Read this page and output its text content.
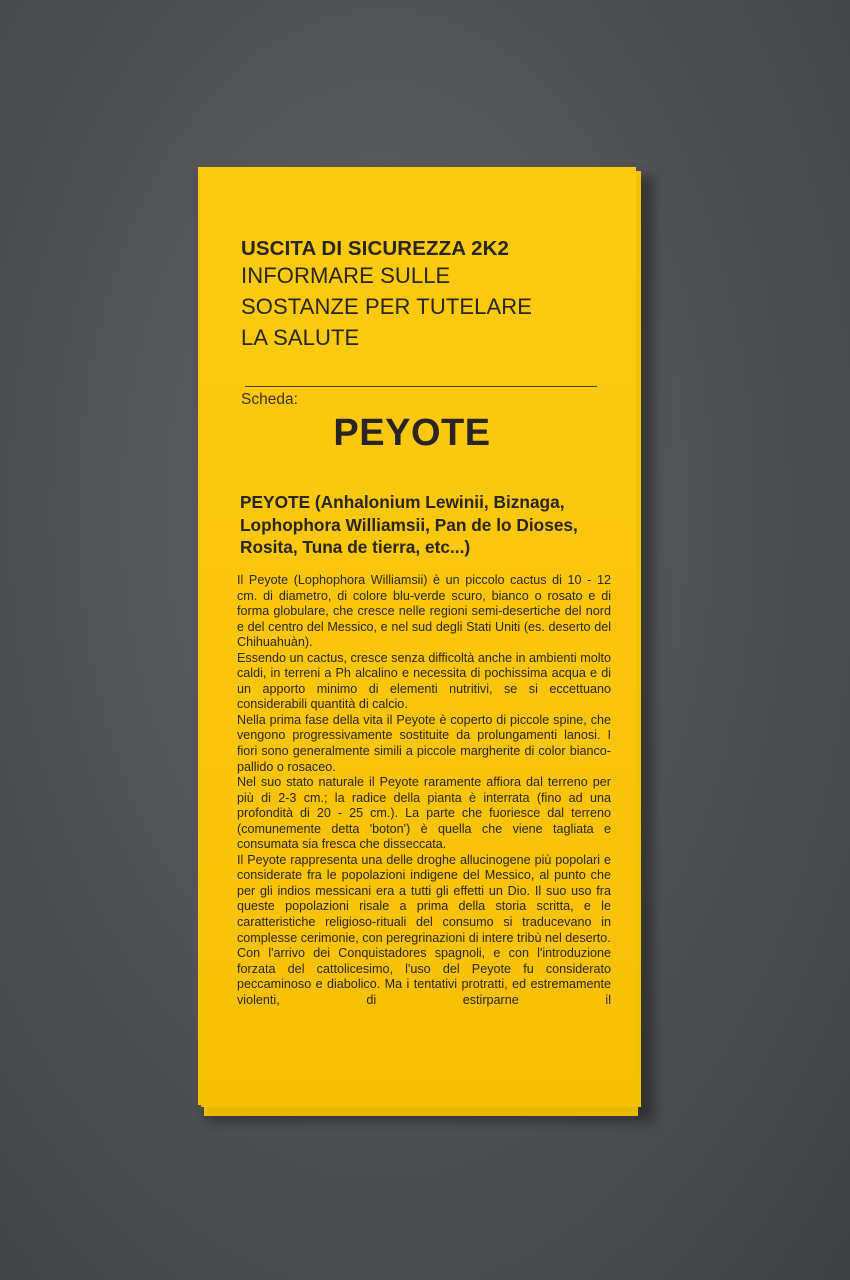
USCITA DI SICUREZZA 2K2
INFORMARE SULLE
SOSTANZE PER TUTELARE
LA SALUTE
Scheda:
PEYOTE
PEYOTE (Anhalonium Lewinii, Biznaga, Lophophora Williamsii, Pan de lo Dioses, Rosita, Tuna de tierra, etc...)

Il Peyote (Lophophora Williamsii) è un piccolo cactus di 10 - 12 cm. di diametro, di colore blu-verde scuro, bianco o rosato e di forma globulare, che cresce nelle regioni semi-desertiche del nord e del centro del Messico, e nel sud degli Stati Uniti (es. deserto del Chihuahuàn).

Essendo un cactus, cresce senza difficoltà anche in ambienti molto caldi, in terreni a Ph alcalino e necessita di pochissima acqua e di un apporto minimo di elementi nutritivi, se si eccettuano considerabili quantità di calcio.

Nella prima fase della vita il Peyote è coperto di piccole spine, che vengono progressivamente sostituite da prolungamenti lanosi. I fiori sono generalmente simili a piccole margherite di color bianco-pallido o rosaceo.

Nel suo stato naturale il Peyote raramente affiora dal terreno per più di 2-3 cm.; la radice della pianta è interrata (fino ad una profondità di 20 - 25 cm.). La parte che fuoriesce dal terreno (comunemente detta 'boton') è quella che viene tagliata e consumata sia fresca che disseccata.

Il Peyote rappresenta una delle droghe allucinogene più popolari e considerate fra le popolazioni indigene del Messico, al punto che per gli indios messicani era a tutti gli effetti un Dio. Il suo uso fra queste popolazioni risale a prima della storia scritta, e le caratteristiche religioso-rituali del consumo si traducevano in complesse cerimonie, con peregrinazioni di intere tribù nel deserto.

Con l'arrivo dei Conquistadores spagnoli, e con l'introduzione forzata del cattolicesimo, l'uso del Peyote fu considerato peccaminoso e diabolico. Ma i tentativi protratti, ed estremamente violenti, di estirparne il
